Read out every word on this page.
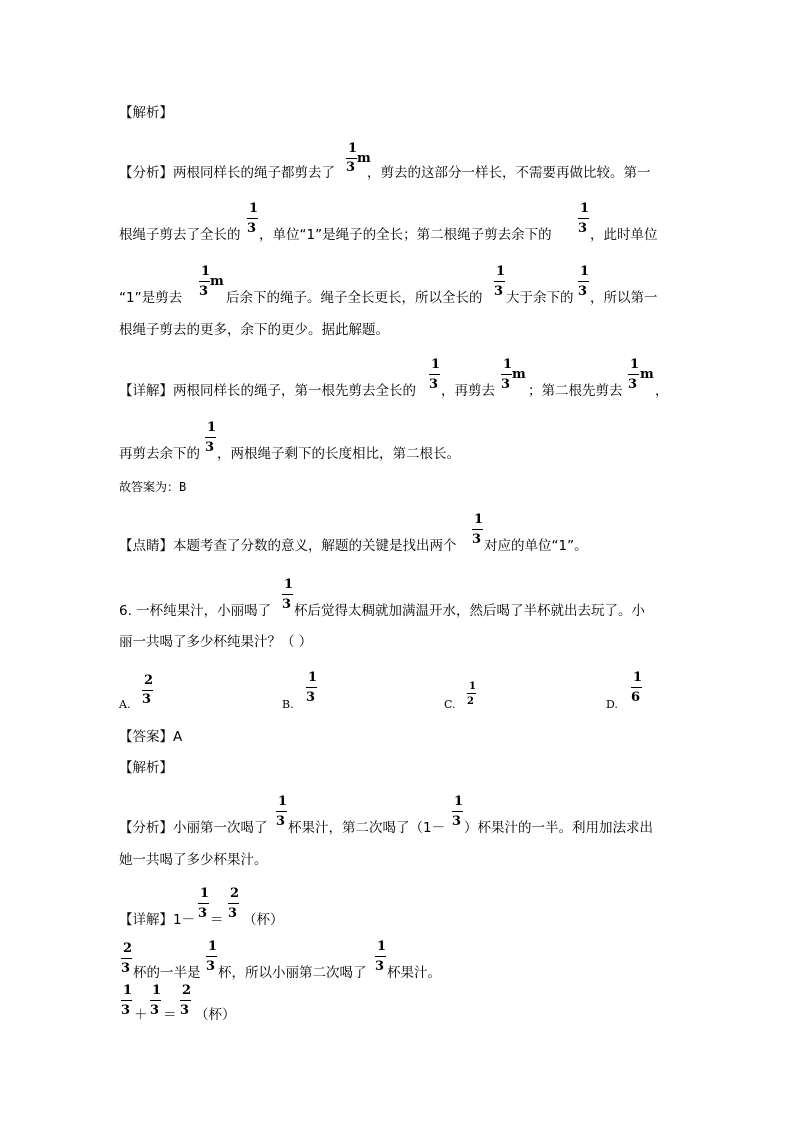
【解析】
【分析】两根同样长的绳子都剪去了
1
3
m
，剪去的这部分一样长，不需要再做比较。第一
根绳子剪去了全长的
1
3 ，单位“1”是绳子的全长；第二根绳子剪去余下的
1
3 ，此时单位
“1”是剪去
1
3
m
后余下的绳子。绳子全长更长，所以全长的
1
3 大于余下的
1
3 ，所以第一
根绳子剪去的更多，余下的更少。据此解题。
【详解】两根同样长的绳子，第一根先剪去全长的
1
3 ，再剪去
1
3
m
；第二根先剪去
1
3
m
，
再剪去余下的
1
3 ，两根绳子剩下的长度相比，第二根长。
故答案为：B
【点睛】本题考查了分数的意义，解题的关键是找出两个
1
3 对应的单位“1”。
6. 一杯纯果汁，小丽喝了
1
3 杯后觉得太稠就加满温开水，然后喝了半杯就出去玩了。小
丽一共喝了多少杯纯果汁？（ ）
A.
2
3	B.
1
3	C.
1
2	D.
1
6
【答案】A
【解析】
【分析】小丽第一次喝了
1
3 杯果汁，第二次喝了（1－
1
3 ）杯果汁的一半。利用加法求出
她一共喝了多少杯果汁。
【详解】1－
1
3 ＝
2
3 （杯）
2
3 杯的一半是
1
3 杯，所以小丽第二次喝了
1
3 杯果汁。
1
3 ＋
1
3 ＝
2
3 （杯）
